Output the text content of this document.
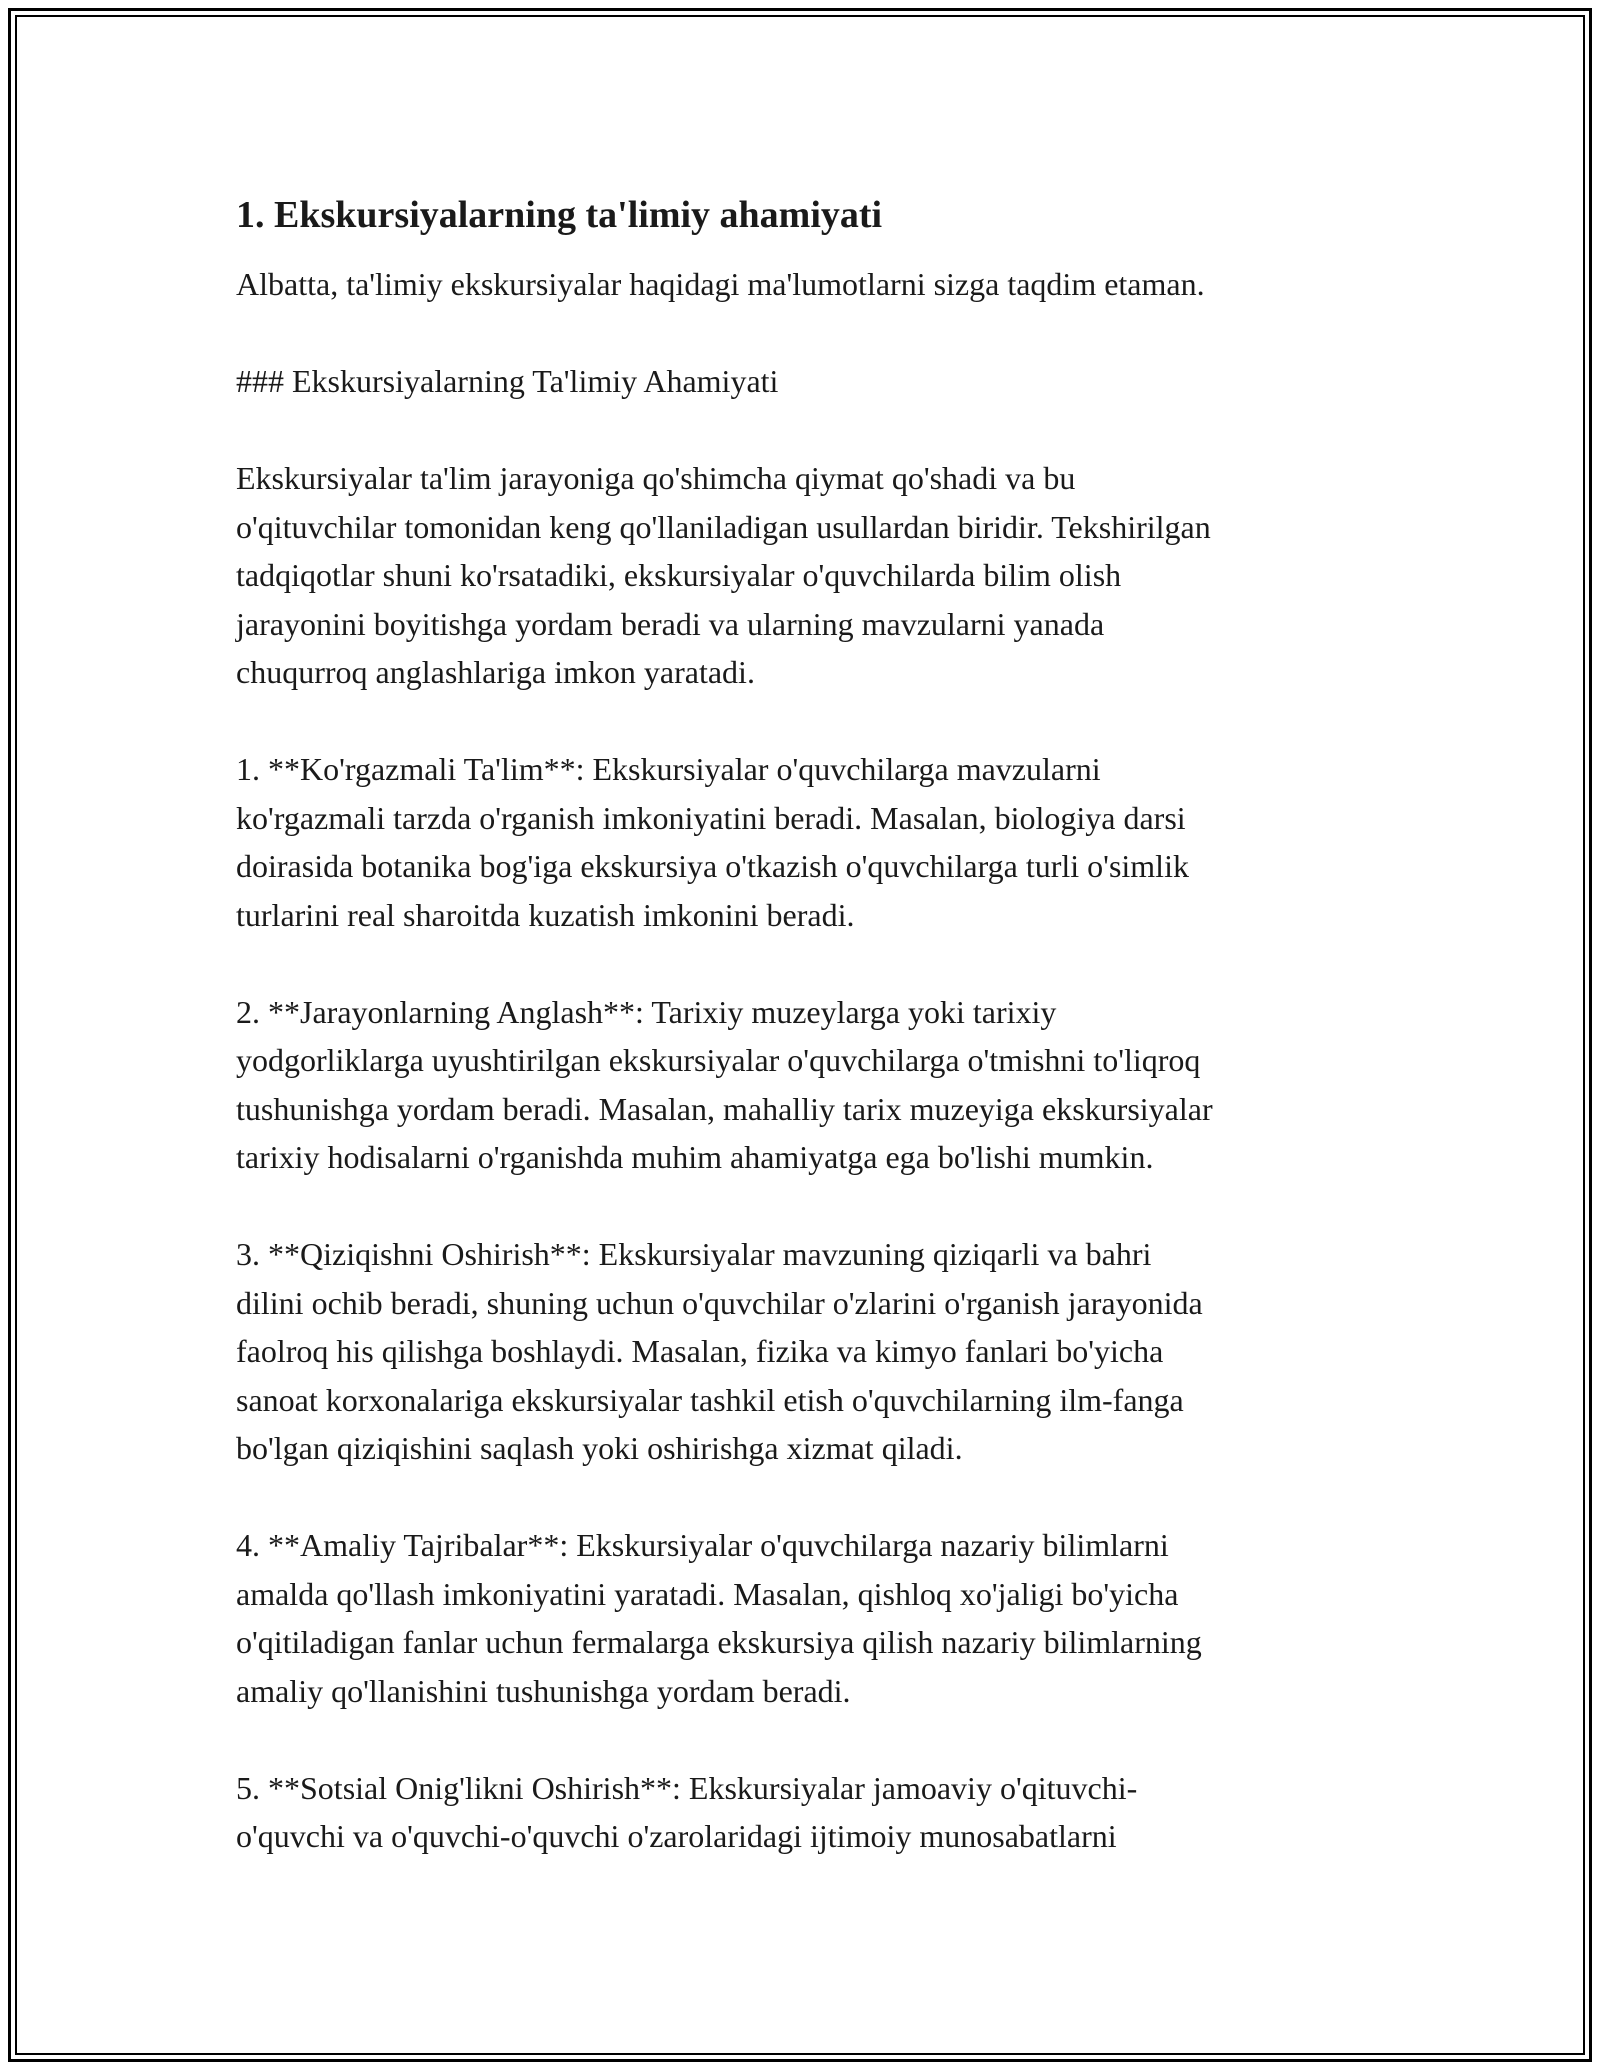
1. Ekskursiyalarning ta'limiy ahamiyati

Albatta, ta'limiy ekskursiyalar haqidagi ma'lumotlarni sizga taqdim etaman.

### Ekskursiyalarning Ta'limiy Ahamiyati

Ekskursiyalar ta'lim jarayoniga qo'shimcha qiymat qo'shadi va bu
o'qituvchilar tomonidan keng qo'llaniladigan usullardan biridir. Tekshirilgan
tadqiqotlar shuni ko'rsatadiki, ekskursiyalar o'quvchilarda bilim olish
jarayonini boyitishga yordam beradi va ularning mavzularni yanada
chuqurroq anglashlariga imkon yaratadi.

1. **Ko'rgazmali Ta'lim**: Ekskursiyalar o'quvchilarga mavzularni
ko'rgazmali tarzda o'rganish imkoniyatini beradi. Masalan, biologiya darsi
doirasida botanika bog'iga ekskursiya o'tkazish o'quvchilarga turli o'simlik
turlarini real sharoitda kuzatish imkonini beradi.

2. **Jarayonlarning Anglash**: Tarixiy muzeylarga yoki tarixiy
yodgorliklarga uyushtirilgan ekskursiyalar o'quvchilarga o'tmishni to'liqroq
tushunishga yordam beradi. Masalan, mahalliy tarix muzeyiga ekskursiyalar
tarixiy hodisalarni o'rganishda muhim ahamiyatga ega bo'lishi mumkin.

3. **Qiziqishni Oshirish**: Ekskursiyalar mavzuning qiziqarli va bahri
dilini ochib beradi, shuning uchun o'quvchilar o'zlarini o'rganish jarayonida
faolroq his qilishga boshlaydi. Masalan, fizika va kimyo fanlari bo'yicha
sanoat korxonalariga ekskursiyalar tashkil etish o'quvchilarning ilm-fanga
bo'lgan qiziqishini saqlash yoki oshirishga xizmat qiladi.

4. **Amaliy Tajribalar**: Ekskursiyalar o'quvchilarga nazariy bilimlarni
amalda qo'llash imkoniyatini yaratadi. Masalan, qishloq xo'jaligi bo'yicha
o'qitiladigan fanlar uchun fermalarga ekskursiya qilish nazariy bilimlarning
amaliy qo'llanishini tushunishga yordam beradi.

5. **Sotsial Onig'likni Oshirish**: Ekskursiyalar jamoaviy o'qituvchi-
o'quvchi va o'quvchi-o'quvchi o'zarolaridagi ijtimoiy munosabatlarni
